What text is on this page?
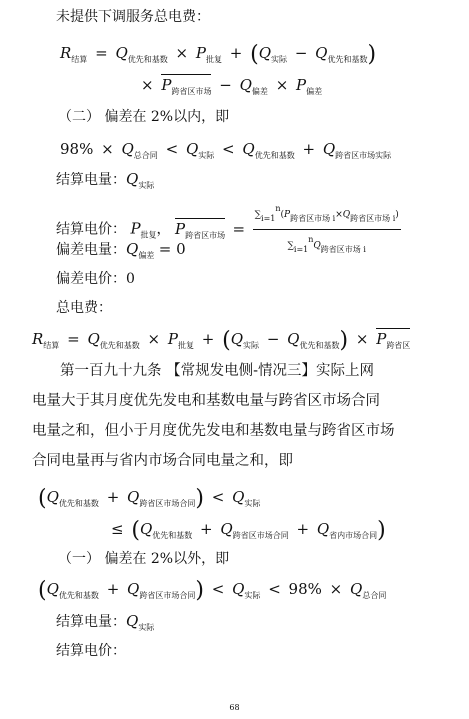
未提供下调服务总电费：
$R_{结算} = Q_{优先和基数} \times P_{批复} + (Q_{实际} - Q_{优先和基数})$
× $P_{跨省区市场} - Q_{偏差} \times P_{偏差}$
（二） 偏差在 2%以内，即
$98\% \times Q_{总合同} < Q_{实际} < Q_{优先和基数} + Q_{跨省区市场实际}$
结算电量：$Q_{实际}$
结算电价： $P_{批复}$， $P_{跨省区市场} = \frac{\text{∑i=1n(P跨省区市场 i×Q跨省区市场 i)}}{\text{∑i=1nQ跨省区市场 i}}$
偏差电量：$Q_{偏差} = 0$
偏差电价：0
总电费：
$R_{结算} = Q_{优先和基数} \times P_{批复} + (Q_{实际} - Q_{优先和基数}) \times P_{跨省区}$
第一百九十九条 【常规发电侧-情况三】实际上网
电量大于其月度优先发电和基数电量与跨省区市场合同
电量之和，但小于月度优先发电和基数电量与跨省区市场
合同电量再与省内市场合同电量之和，即
$(Q_{优先和基数} + Q_{跨省区市场合同}) < Q_{实际}$
≤ $(Q_{优先和基数} + Q_{跨省区市场合同} + Q_{省内市场合同})$
（一） 偏差在 2%以外，即
$(Q_{优先和基数} + Q_{跨省区市场合同}) < Q_{实际} < 98\% \times Q_{总合同}$
结算电量：$Q_{实际}$
结算电价：
68
